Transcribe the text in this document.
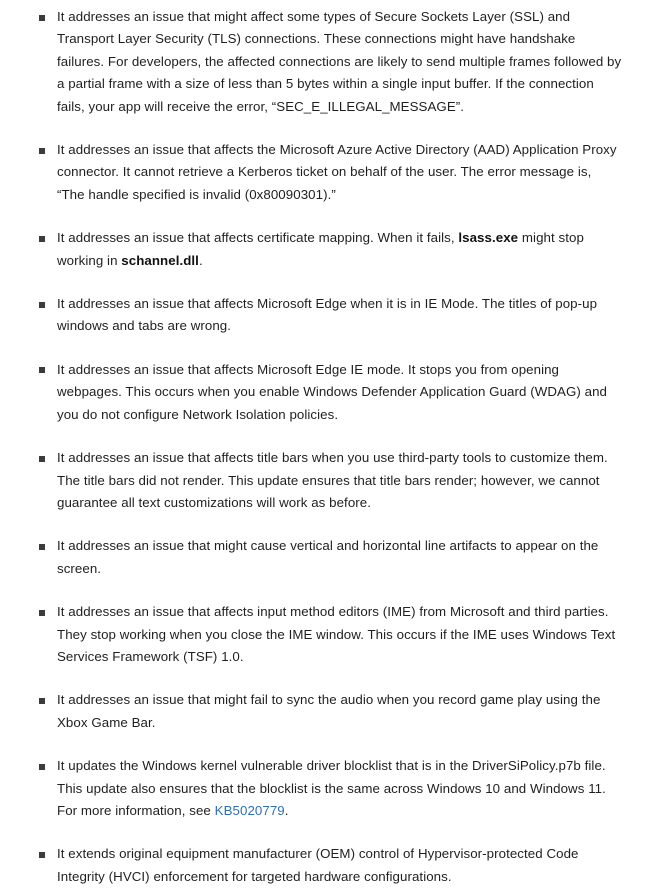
It addresses an issue that might affect some types of Secure Sockets Layer (SSL) and Transport Layer Security (TLS) connections. These connections might have handshake failures. For developers, the affected connections are likely to send multiple frames followed by a partial frame with a size of less than 5 bytes within a single input buffer. If the connection fails, your app will receive the error, “SEC_E_ILLEGAL_MESSAGE”.
It addresses an issue that affects the Microsoft Azure Active Directory (AAD) Application Proxy connector. It cannot retrieve a Kerberos ticket on behalf of the user. The error message is, “The handle specified is invalid (0x80090301).”
It addresses an issue that affects certificate mapping. When it fails, lsass.exe might stop working in schannel.dll.
It addresses an issue that affects Microsoft Edge when it is in IE Mode. The titles of pop-up windows and tabs are wrong.
It addresses an issue that affects Microsoft Edge IE mode. It stops you from opening webpages. This occurs when you enable Windows Defender Application Guard (WDAG) and you do not configure Network Isolation policies.
It addresses an issue that affects title bars when you use third-party tools to customize them. The title bars did not render. This update ensures that title bars render; however, we cannot guarantee all text customizations will work as before.
It addresses an issue that might cause vertical and horizontal line artifacts to appear on the screen.
It addresses an issue that affects input method editors (IME) from Microsoft and third parties. They stop working when you close the IME window. This occurs if the IME uses Windows Text Services Framework (TSF) 1.0.
It addresses an issue that might fail to sync the audio when you record game play using the Xbox Game Bar.
It updates the Windows kernel vulnerable driver blocklist that is in the DriverSiPolicy.p7b file. This update also ensures that the blocklist is the same across Windows 10 and Windows 11. For more information, see KB5020779.
It extends original equipment manufacturer (OEM) control of Hypervisor-protected Code Integrity (HVCI) enforcement for targeted hardware configurations.
